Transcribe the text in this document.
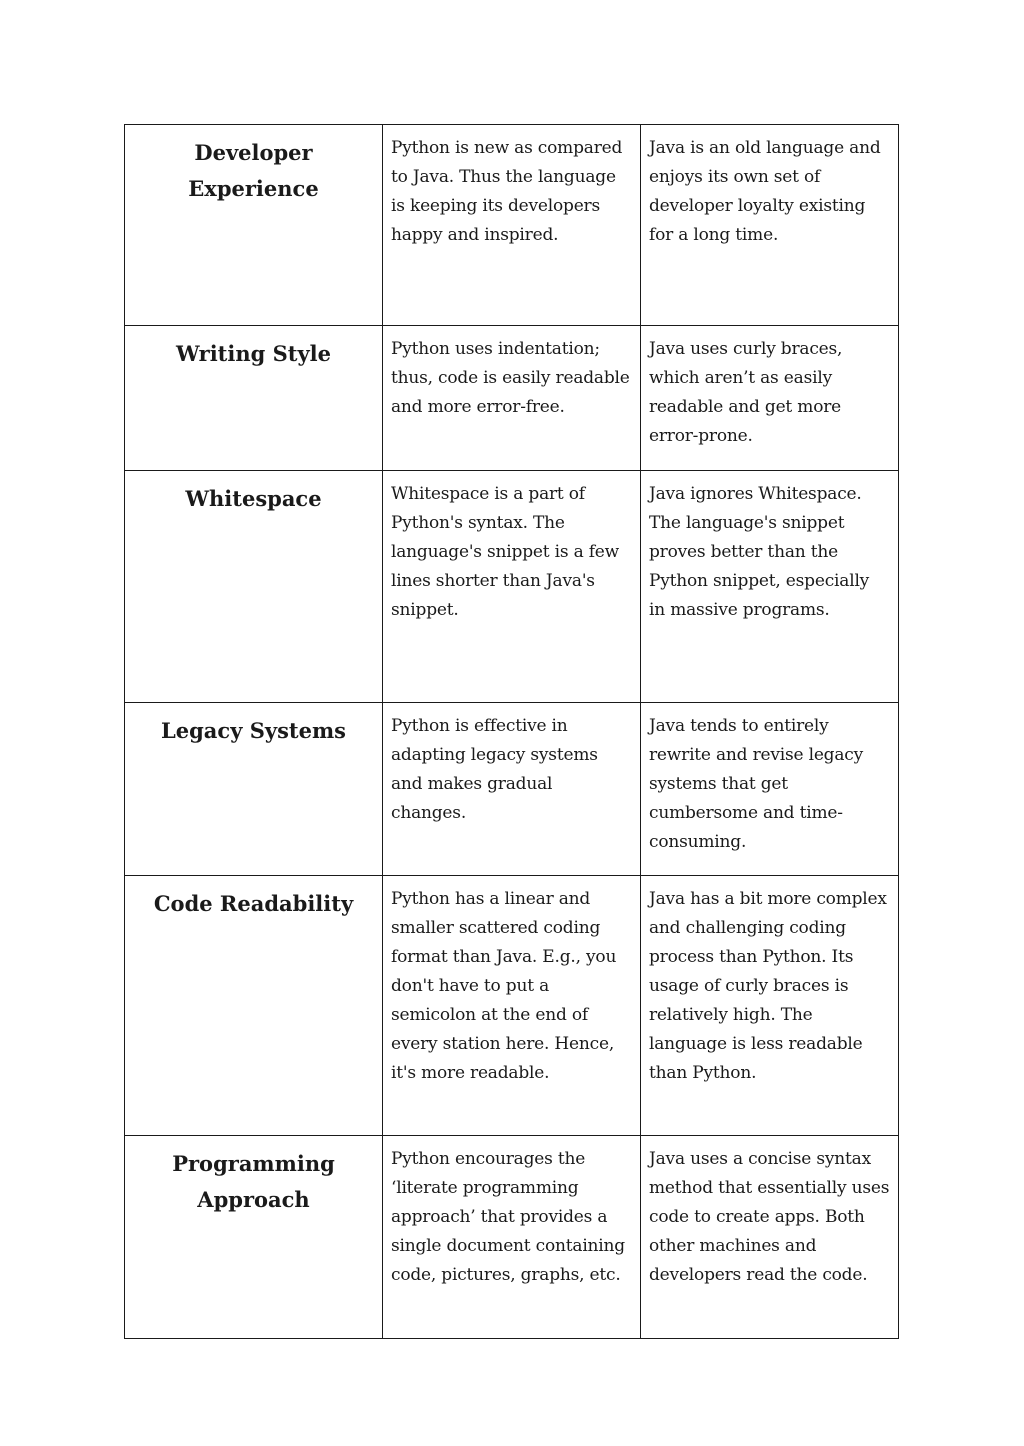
Developer
Experience	Python is new as compared to Java. Thus the language is keeping its developers happy and inspired.	Java is an old language and enjoys its own set of developer loyalty existing for a long time.

Writing Style	Python uses indentation; thus, code is easily readable and more error-free.	Java uses curly braces, which aren’t as easily readable and get more error-prone.

Whitespace	Whitespace is a part of Python's syntax. The language's snippet is a few lines shorter than Java's snippet.	Java ignores Whitespace. The language's snippet proves better than the Python snippet, especially in massive programs.

Legacy Systems	Python is effective in adapting legacy systems and makes gradual changes.	Java tends to entirely rewrite and revise legacy systems that get cumbersome and time-consuming.

Code Readability	Python has a linear and smaller scattered coding format than Java. E.g., you don't have to put a semicolon at the end of every station here. Hence, it's more readable.	Java has a bit more complex and challenging coding process than Python. Its usage of curly braces is relatively high. The language is less readable than Python.

Programming
Approach	Python encourages the ‘literate programming approach’ that provides a single document containing code, pictures, graphs, etc.	Java uses a concise syntax method that essentially uses code to create apps. Both other machines and developers read the code.
